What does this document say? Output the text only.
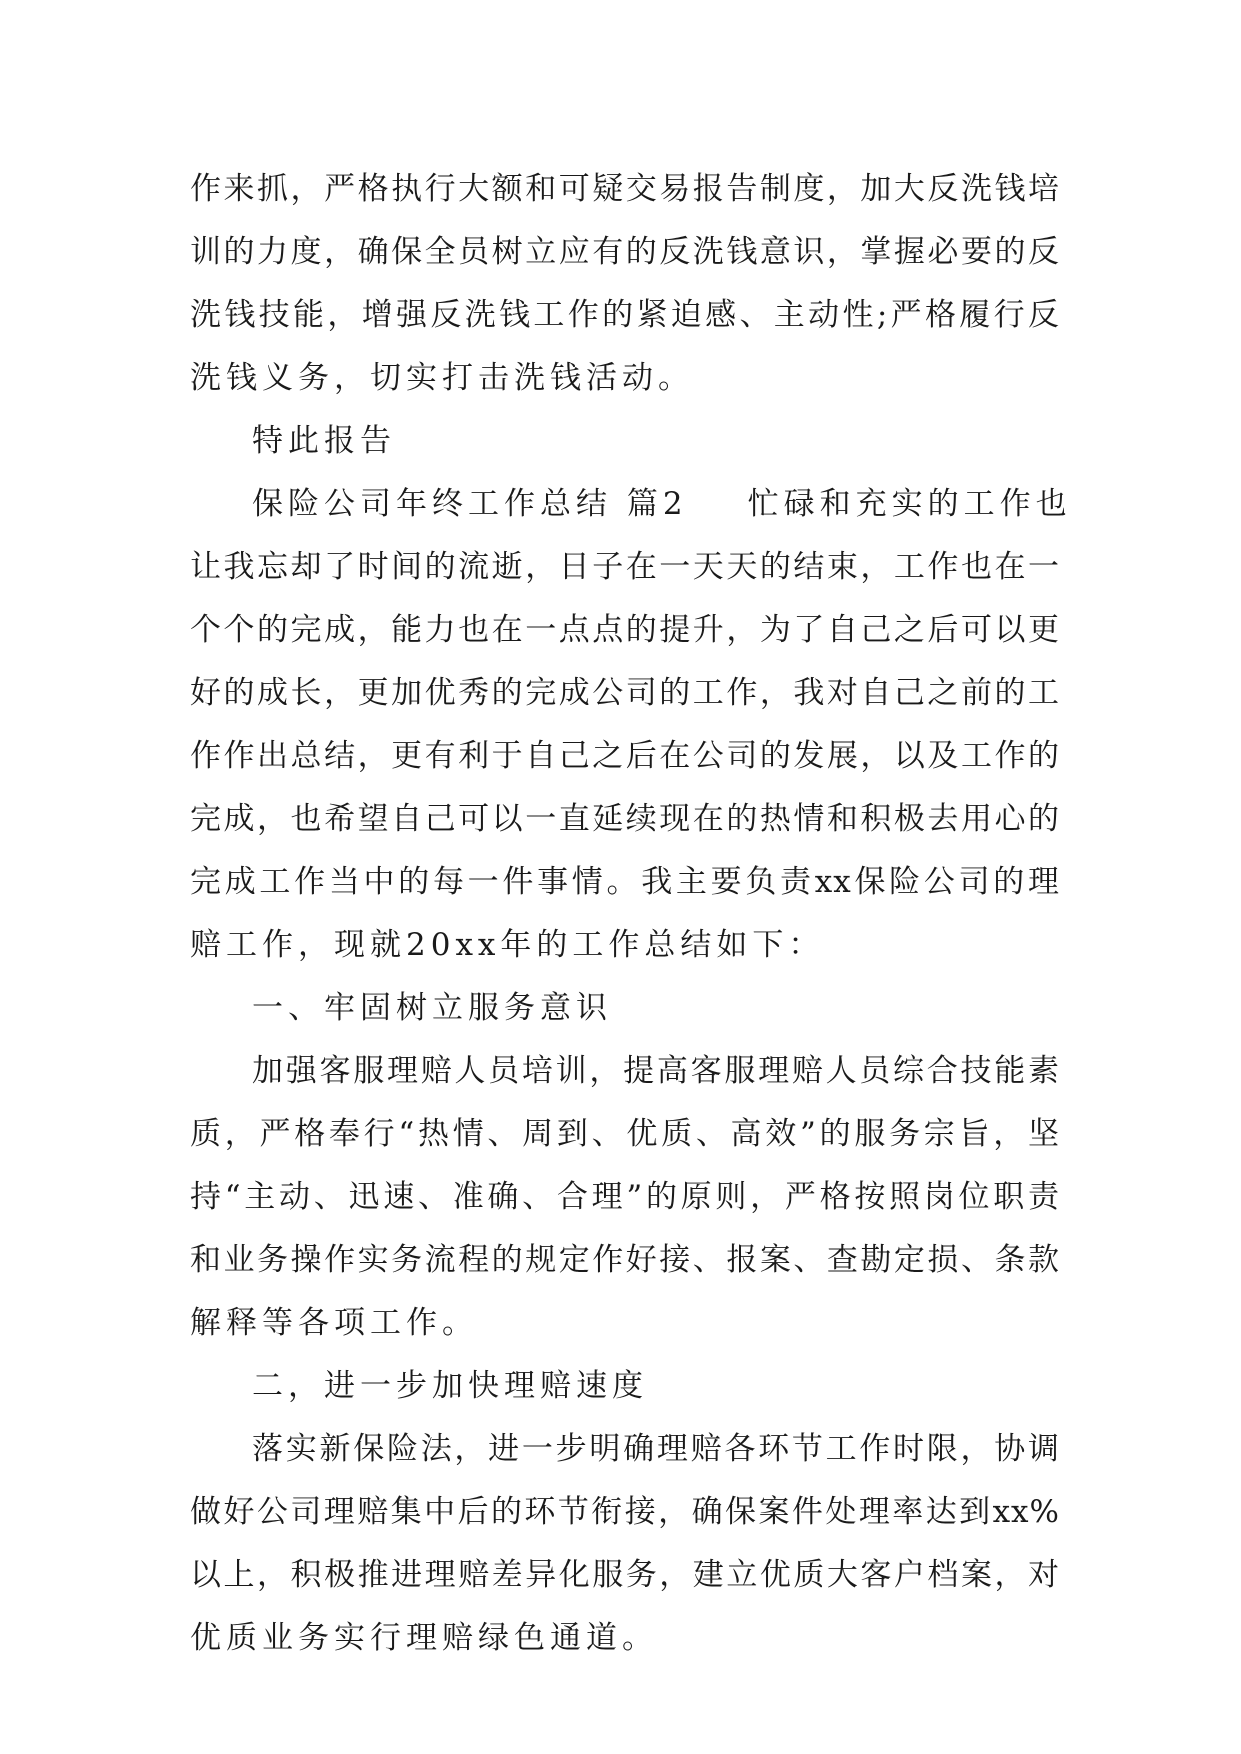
作来抓，严格执行大额和可疑交易报告制度，加大反洗钱培
训的力度，确保全员树立应有的反洗钱意识，掌握必要的反
洗钱技能，增强反洗钱工作的紧迫感、主动性;严格履行反
洗钱义务，切实打击洗钱活动。
特此报告
保险公司年终工作总结 篇2 忙碌和充实的工作也
让我忘却了时间的流逝，日子在一天天的结束，工作也在一
个个的完成，能力也在一点点的提升，为了自己之后可以更
好的成长，更加优秀的完成公司的工作，我对自己之前的工
作作出总结，更有利于自己之后在公司的发展，以及工作的
完成，也希望自己可以一直延续现在的热情和积极去用心的
完成工作当中的每一件事情。我主要负责xx保险公司的理
赔工作，现就20xx年的工作总结如下：
一、牢固树立服务意识
加强客服理赔人员培训，提高客服理赔人员综合技能素
质，严格奉行“热情、周到、优质、高效”的服务宗旨，坚
持“主动、迅速、准确、合理”的原则，严格按照岗位职责
和业务操作实务流程的规定作好接、报案、查勘定损、条款
解释等各项工作。
二，进一步加快理赔速度
落实新保险法，进一步明确理赔各环节工作时限，协调
做好公司理赔集中后的环节衔接，确保案件处理率达到xx%
以上，积极推进理赔差异化服务，建立优质大客户档案，对
优质业务实行理赔绿色通道。
